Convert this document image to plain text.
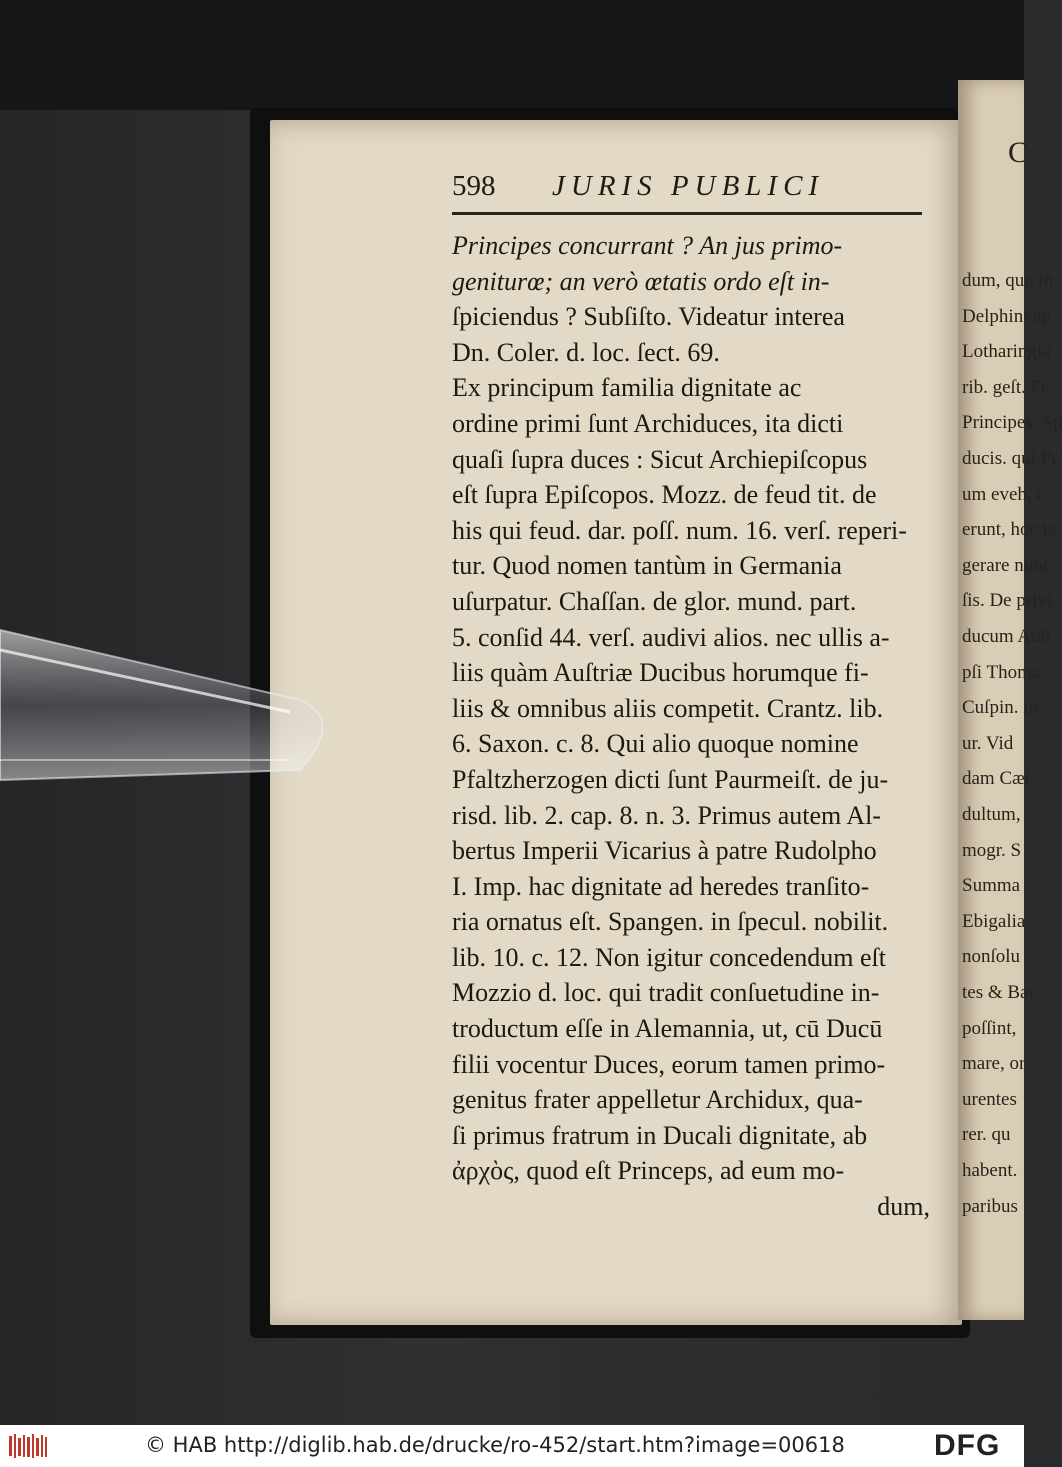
C
dum, quo in
Delphini ap
Lotharingia
rib. geſt. Fr
Principes. Sp
ducis. qui Pr
um eveh, c
erunt, hoc ta
gerare nunc
ſis. De privi
ducum Auſt
pſi Thoma
Cuſpin. in
ur. Vid
dam Cæſ
dultum,
mogr. S
Summa
Ebigalia
nonſolu
tes & Bar
poſſint,
mare, or
urentes
rer. qu
habent.
paribus
598 JURIS PUBLICI
Principes concurrant ? An jus primo-
geniturœ; an verò œtatis ordo eſt in-
ſpiciendus ? Subſiſto. Videatur interea
Dn. Coler. d. loc. ſect. 69.
Ex principum familia dignitate ac
ordine primi ſunt Archiduces, ita dicti
quaſi ſupra duces : Sicut Archiepiſcopus
eſt ſupra Epiſcopos. Mozz. de feud tit. de
his qui feud. dar. poſſ. num. 16. verſ. reperi-
tur. Quod nomen tantùm in Germania
uſurpatur. Chaſſan. de glor. mund. part.
5. conſid 44. verſ. audivi alios. nec ullis a-
liis quàm Auſtriæ Ducibus horumque fi-
liis & omnibus aliis competit. Crantz. lib.
6. Saxon. c. 8. Qui alio quoque nomine
Pfaltzherzogen dicti ſunt Paurmeiſt. de ju-
risd. lib. 2. cap. 8. n. 3. Primus autem Al-
bertus Imperii Vicarius à patre Rudolpho
I. Imp. hac dignitate ad heredes tranſito-
ria ornatus eſt. Spangen. in ſpecul. nobilit.
lib. 10. c. 12. Non igitur concedendum eſt
Mozzio d. loc. qui tradit conſuetudine in-
troductum eſſe in Alemannia, ut, cū Ducū
filii vocentur Duces, eorum tamen primo-
genitus frater appelletur Archidux, qua-
ſi primus fratrum in Ducali dignitate, ab
ἀρχὸς, quod eſt Princeps, ad eum mo-
dum,
© HAB http://diglib.hab.de/drucke/ro-452/start.htm?image=00618	DFG
